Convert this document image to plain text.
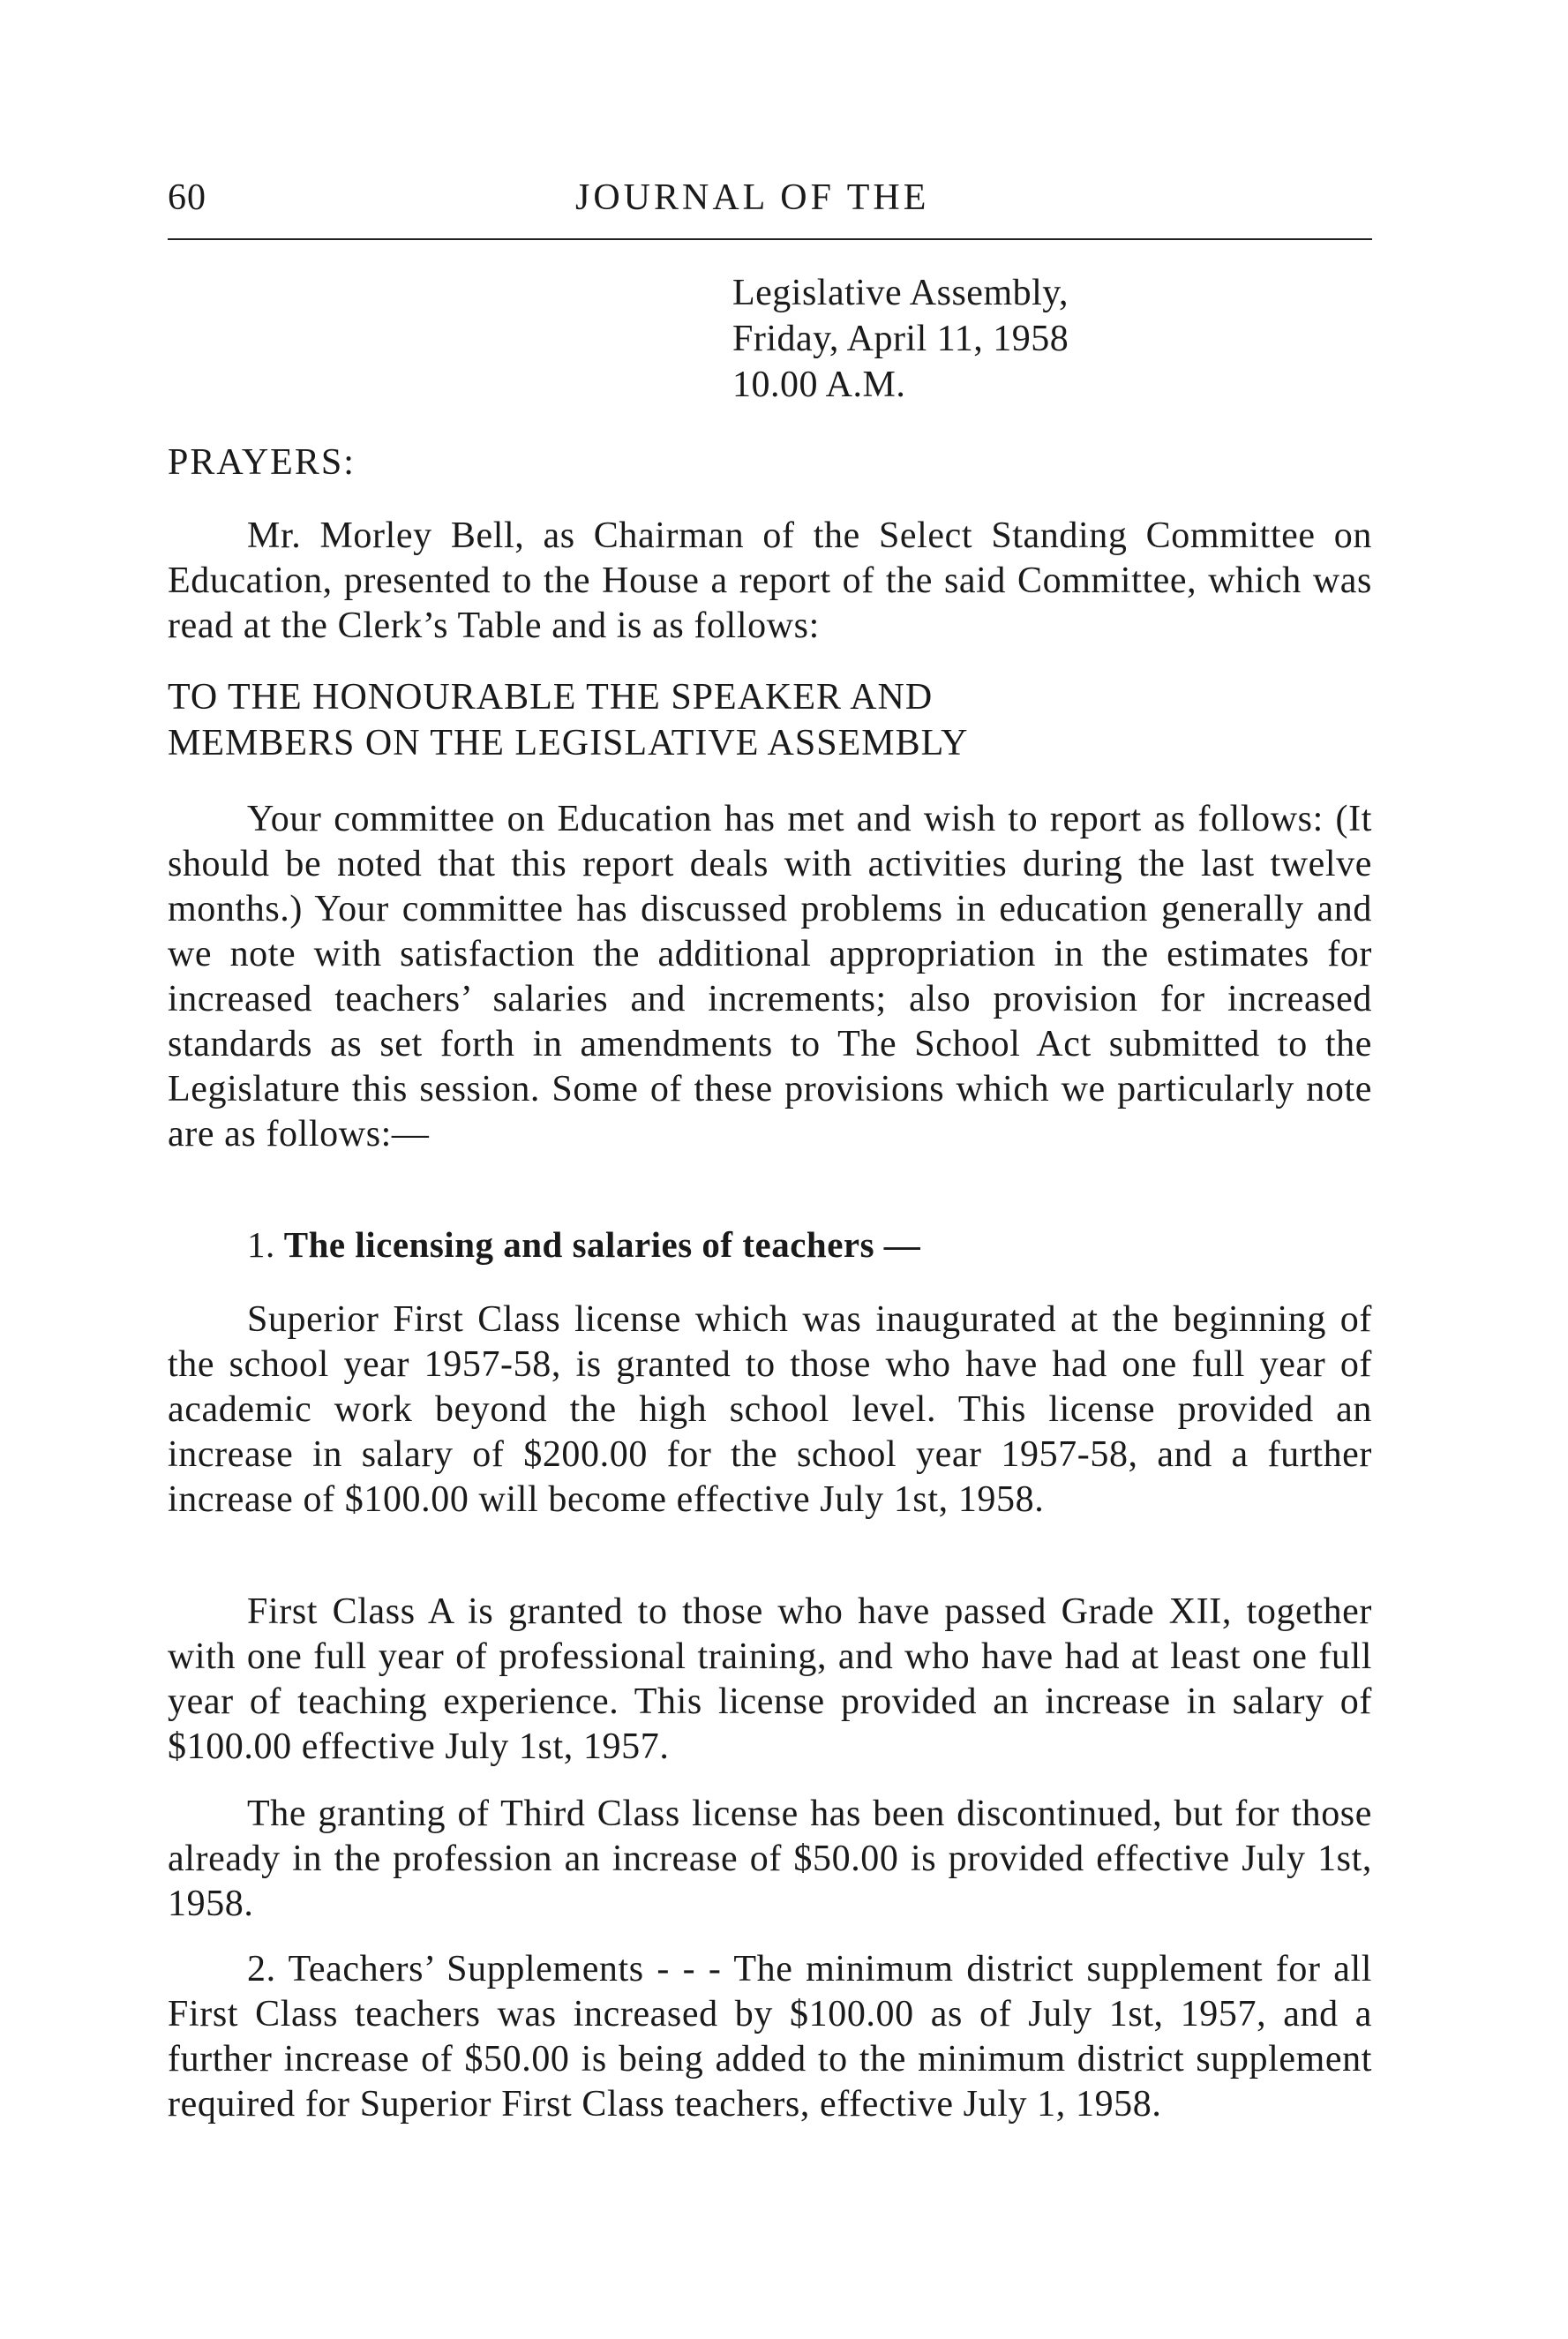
60	JOURNAL OF THE
Legislative Assembly,
Friday, April 11, 1958
10.00 A.M.
PRAYERS:

Mr. Morley Bell, as Chairman of the Select Standing Committee on Education, presented to the House a report of the said Committee, which was read at the Clerk’s Table and is as follows:

TO THE HONOURABLE THE SPEAKER AND
MEMBERS ON THE LEGISLATIVE ASSEMBLY

Your committee on Education has met and wish to report as follows: (It should be noted that this report deals with activities during the last twelve months.) Your committee has discussed problems in education generally and we note with satisfaction the additional appropriation in the estimates for increased teachers’ salaries and increments; also provision for increased standards as set forth in amendments to The School Act submitted to the Legislature this session. Some of these provisions which we particularly note are as follows:—

1. The licensing and salaries of teachers —

Superior First Class license which was inaugurated at the beginning of the school year 1957-58, is granted to those who have had one full year of academic work beyond the high school level. This license provided an increase in salary of $200.00 for the school year 1957-58, and a further increase of $100.00 will become effective July 1st, 1958.

First Class A is granted to those who have passed Grade XII, together with one full year of professional training, and who have had at least one full year of teaching experience. This license provided an increase in salary of $100.00 effective July 1st, 1957.

The granting of Third Class license has been discontinued, but for those already in the profession an increase of $50.00 is provided effective July 1st, 1958.

2. Teachers’ Supplements - - - The minimum district supplement for all First Class teachers was increased by $100.00 as of July 1st, 1957, and a further increase of $50.00 is being added to the minimum district supplement required for Superior First Class teachers, effective July 1, 1958.
